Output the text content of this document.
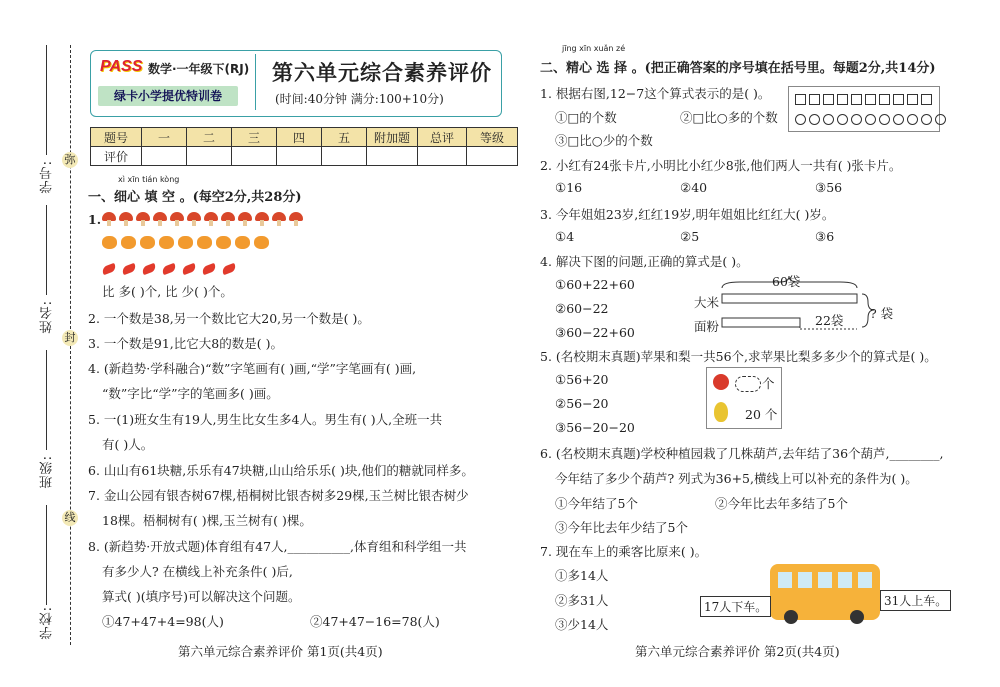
学号:
姓名:
班级:
学校:
弥
封
线
PASS 数学·一年级下(RJ)
绿卡小学提优特训卷
第六单元综合素养评价
(时间:40分钟 满分:100+10分)
题号	一	二	三	四	五	附加题	总评	等级
评价								
xì xīn tián kòng
一、细心 填 空 。(每空2分,共28分)
1.
比 多( )个, 比 少( )个。
2. 一个数是38,另一个数比它大20,另一个数是( )。
3. 一个数是91,比它大8的数是( )。
4. (新趋势·学科融合)“数”字笔画有( )画,“学”字笔画有( )画,
“数”字比“学”字的笔画多( )画。
5. 一(1)班女生有19人,男生比女生多4人。男生有( )人,全班一共
有( )人。
6. 山山有61块糖,乐乐有47块糖,山山给乐乐( )块,他们的糖就同样多。
7. 金山公园有银杏树67棵,梧桐树比银杏树多29棵,玉兰树比银杏树少
18棵。梧桐树有( )棵,玉兰树有( )棵。
8. (新趋势·开放式题)体育组有47人,__________,体育组和科学组一共
有多少人? 在横线上补充条件( )后,
算式( )(填序号)可以解决这个问题。
①47+47+4=98(人)	②47+47−16=78(人)
第六单元综合素养评价 第1页(共4页)
jīng xīn xuǎn zé
二、精心 选 择 。(把正确答案的序号填在括号里。每题2分,共14分)
1. 根据右图,12−7这个算式表示的是( )。
①□的个数	②□比○多的个数
③□比○少的个数
2. 小红有24张卡片,小明比小红少8张,他们两人一共有( )张卡片。
①16	②40	③56
3. 今年姐姐23岁,红红19岁,明年姐姐比红红大( )岁。
①4	②5	③6
4. 解决下图的问题,正确的算式是( )。
①60+22+60
②60−22
③60−22+60
大米
面粉
60袋
22袋 ? 袋
5. (名校期末真题)苹果和梨一共56个,求苹果比梨多多少个的算式是( )。
①56+20
②56−20
③56−20−20
个
20 个
6. (名校期末真题)学校种植园栽了几株葫芦,去年结了36个葫芦,________,
今年结了多少个葫芦? 列式为36+5,横线上可以补充的条件为( )。
①今年结了5个	②今年比去年多结了5个
③今年比去年少结了5个
7. 现在车上的乘客比原来( )。
①多14人
②多31人
③少14人
17人下车。	31人上车。
第六单元综合素养评价 第2页(共4页)
